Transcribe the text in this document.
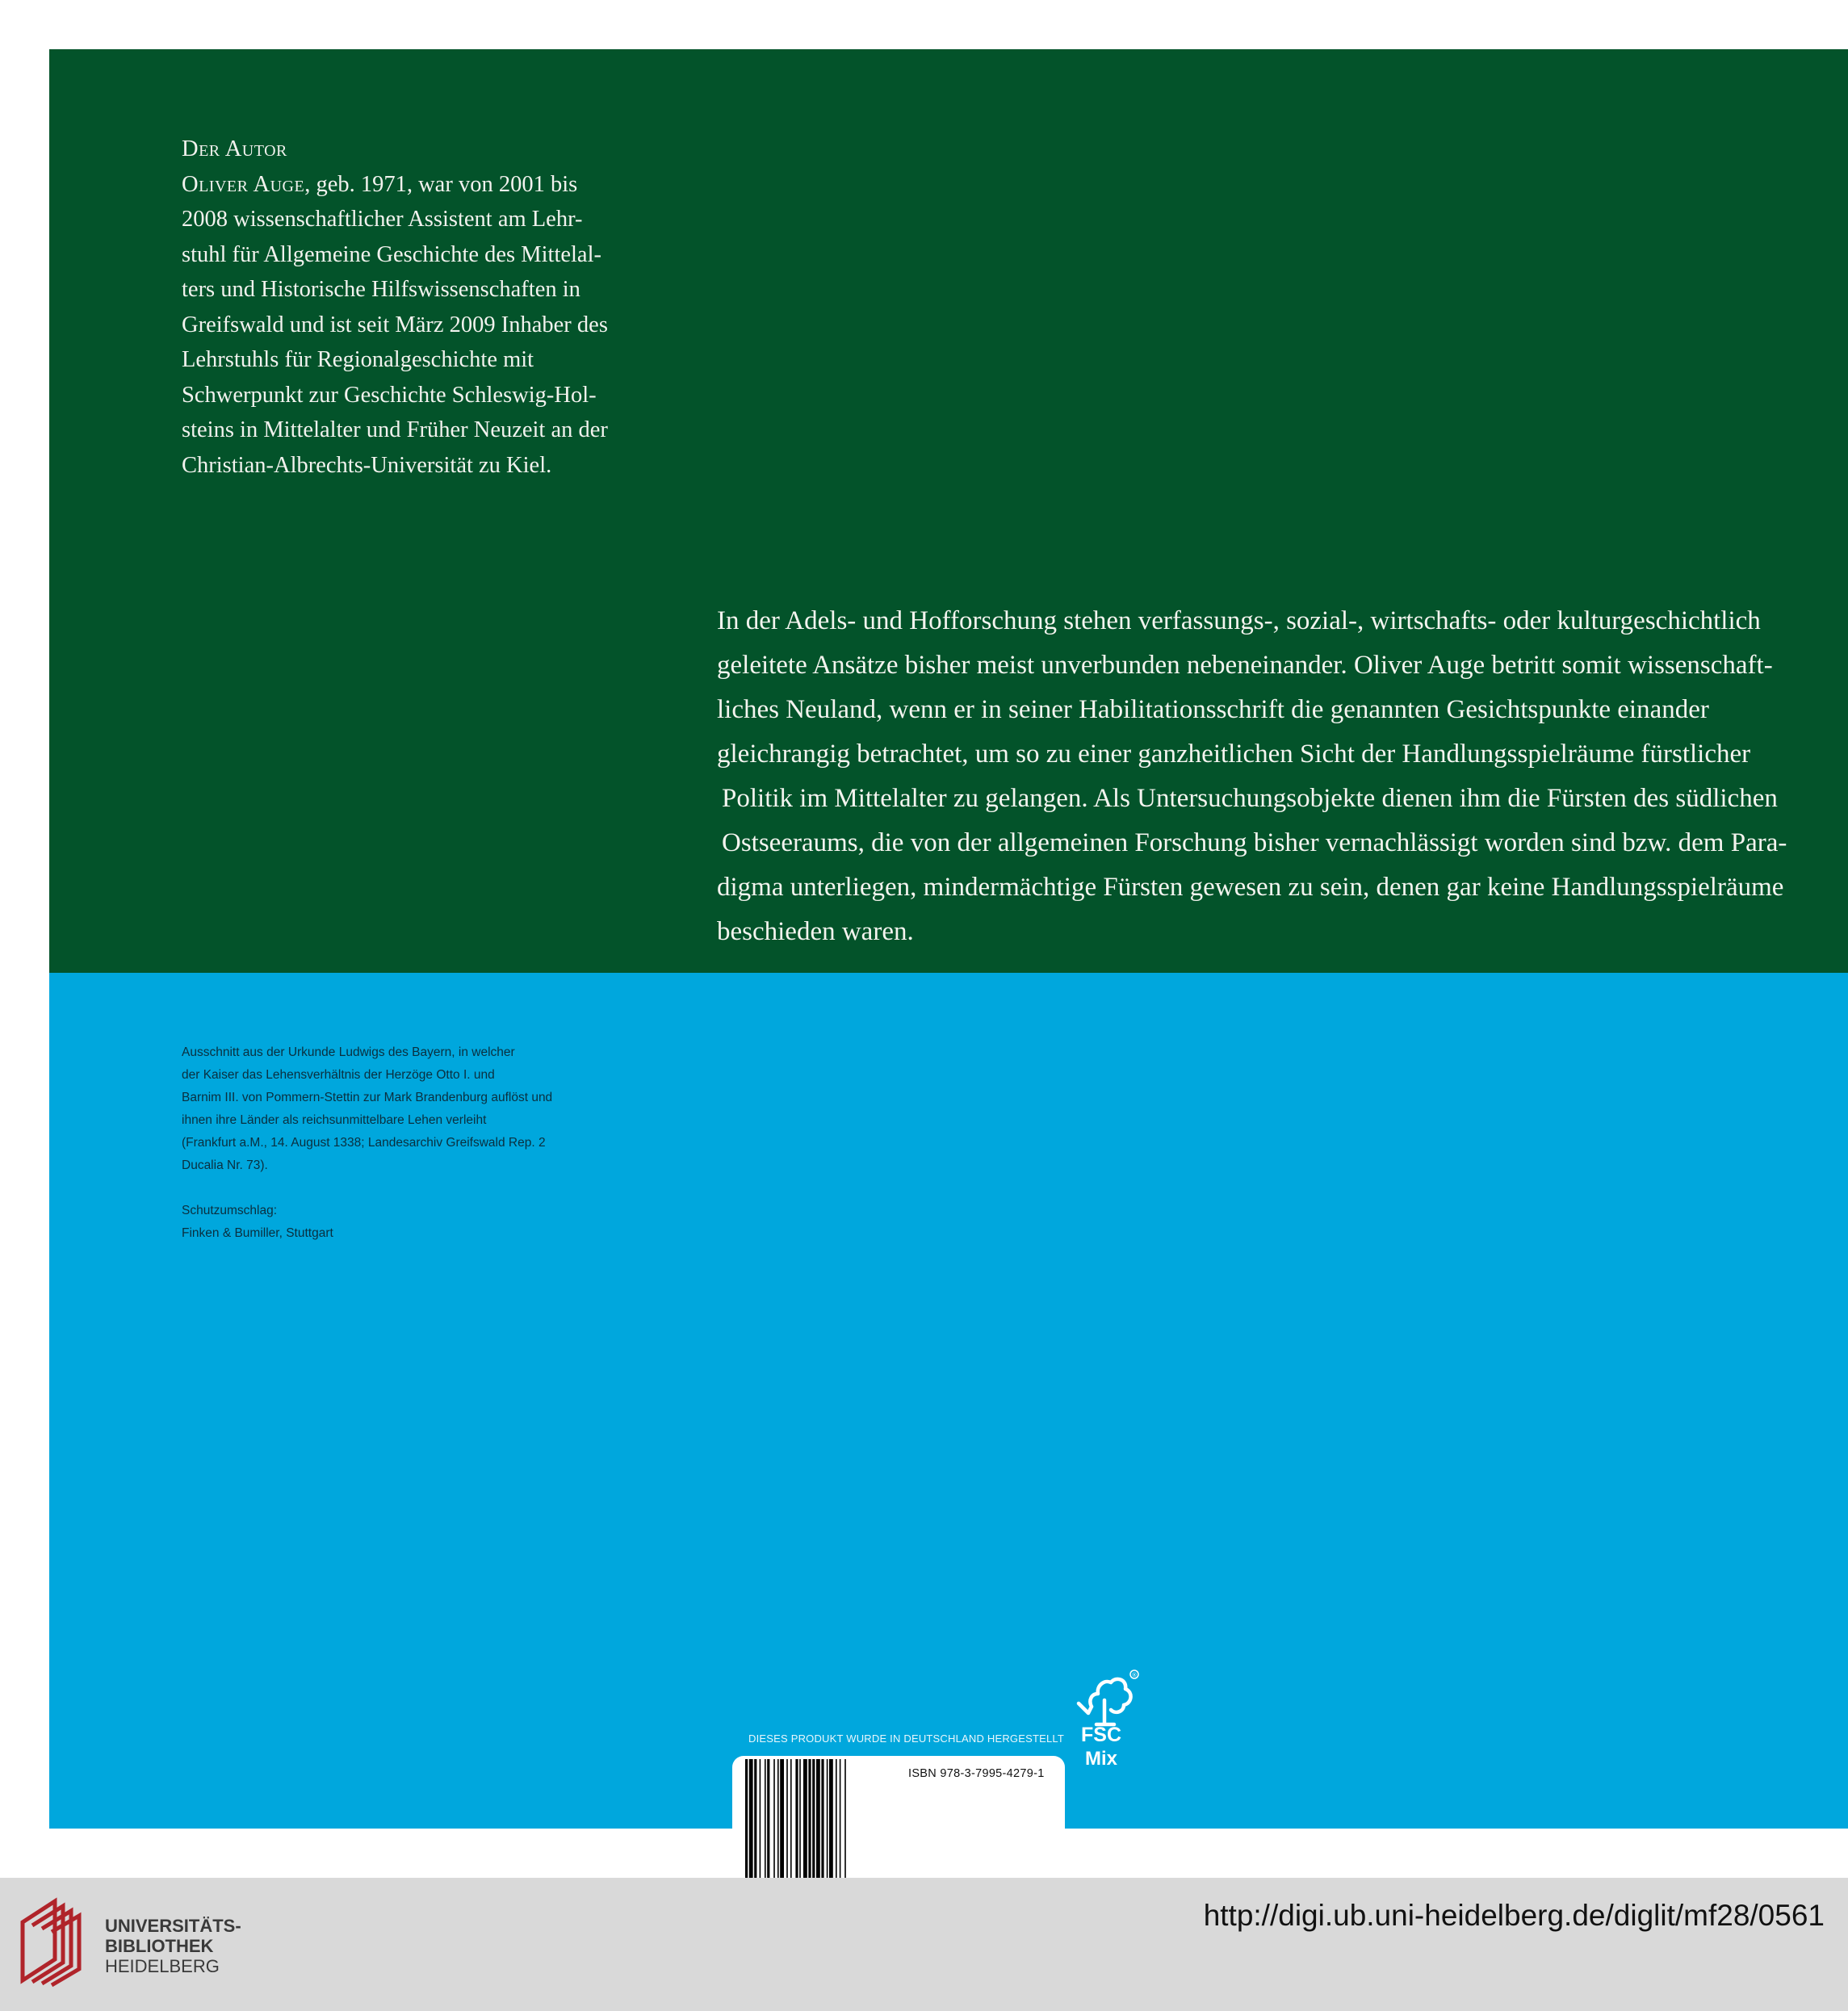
Der Autor
Oliver Auge, geb. 1971, war von 2001 bis
2008 wissenschaftlicher Assistent am Lehr-
stuhl für Allgemeine Geschichte des Mittelal-
ters und Historische Hilfswissenschaften in
Greifswald und ist seit März 2009 Inhaber des
Lehrstuhls für Regionalgeschichte mit
Schwerpunkt zur Geschichte Schleswig-Hol-
steins in Mittelalter und Früher Neuzeit an der
Christian-Albrechts-Universität zu Kiel.
In der Adels- und Hofforschung stehen verfassungs-, sozial-, wirtschafts- oder kulturgeschichtlich
geleitete Ansätze bisher meist unverbunden nebeneinander. Oliver Auge betritt somit wissenschaft-
liches Neuland, wenn er in seiner Habilitationsschrift die genannten Gesichtspunkte einander
gleichrangig betrachtet, um so zu einer ganzheitlichen Sicht der Handlungsspielräume fürstlicher
Politik im Mittelalter zu gelangen. Als Untersuchungsobjekte dienen ihm die Fürsten des südlichen
Ostseeraums, die von der allgemeinen Forschung bisher vernachlässigt worden sind bzw. dem Para-
digma unterliegen, mindermächtige Fürsten gewesen zu sein, denen gar keine Handlungsspielräume
beschieden waren.
Ausschnitt aus der Urkunde Ludwigs des Bayern, in welcher
der Kaiser das Lehensverhältnis der Herzöge Otto I. und
Barnim III. von Pommern-Stettin zur Mark Brandenburg auflöst und
ihnen ihre Länder als reichsunmittelbare Lehen verleiht
(Frankfurt a.M., 14. August 1338; Landesarchiv Greifswald Rep. 2
Ducalia Nr. 73).
Schutzumschlag:
Finken & Bumiller, Stuttgart
DIESES PRODUKT WURDE IN DEUTSCHLAND HERGESTELLT
®
FSC
Mix
ISBN 978-3-7995-4279-1
UNIVERSITÄTS-
BIBLIOTHEK
HEIDELBERG
http://digi.ub.uni-heidelberg.de/diglit/mf28/0561
